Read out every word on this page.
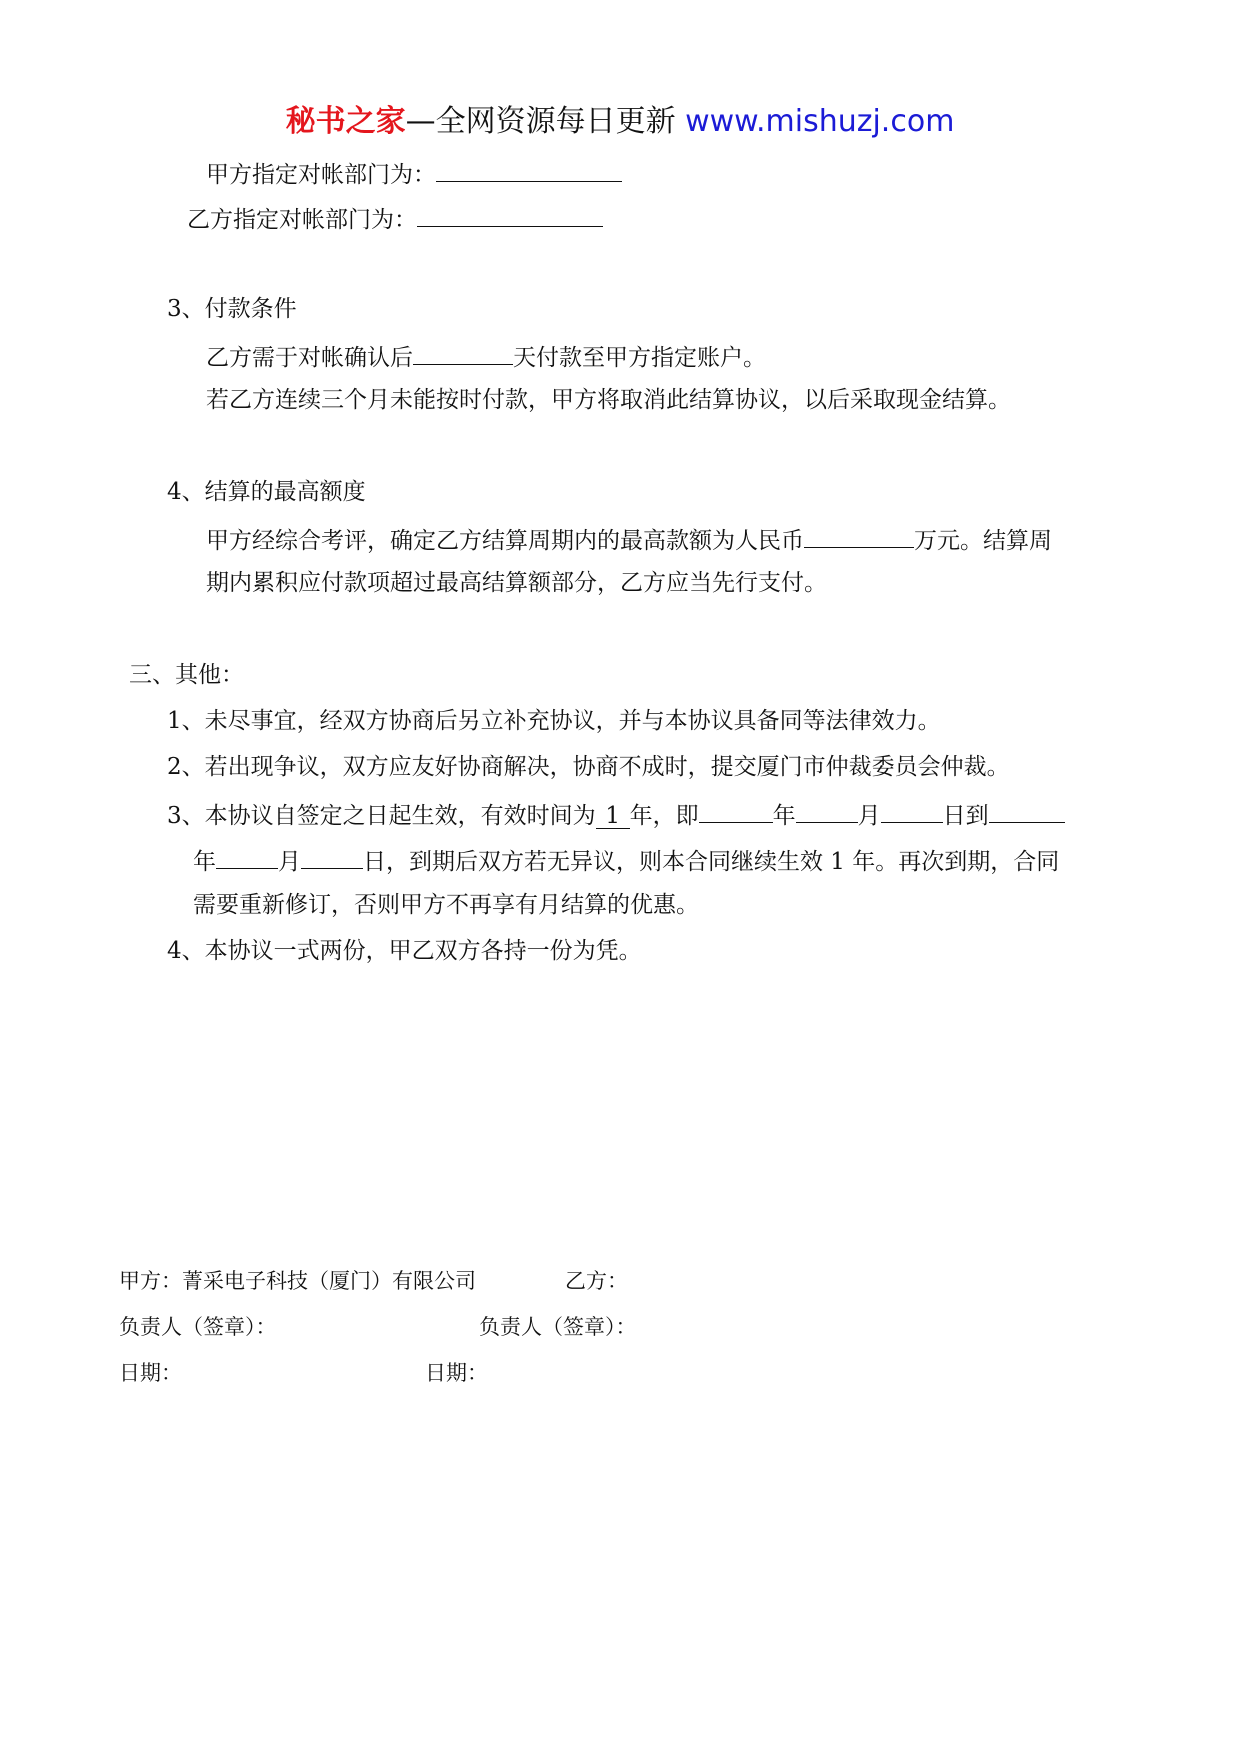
秘书之家—全网资源每日更新 www.mishuzj.com
甲方指定对帐部门为：
乙方指定对帐部门为：
3、付款条件
乙方需于对帐确认后	天付款至甲方指定账户。
若乙方连续三个月未能按时付款，甲方将取消此结算协议，以后采取现金结算。
4、结算的最高额度
甲方经综合考评，确定乙方结算周期内的最高款额为人民币	万元。结算周
期内累积应付款项超过最高结算额部分，乙方应当先行支付。
三、其他：
1、未尽事宜，经双方协商后另立补充协议，并与本协议具备同等法律效力。
2、若出现争议，双方应友好协商解决，协商不成时，提交厦门市仲裁委员会仲裁。
3、本协议自签定之日起生效，有效时间为 1 年，即	年	月	日到
年	月	日，到期后双方若无异议，则本合同继续生效 1 年。再次到期，合同
需要重新修订，否则甲方不再享有月结算的优惠。
4、本协议一式两份，甲乙双方各持一份为凭。
甲方：菁采电子科技（厦门）有限公司	乙方：
负责人（签章）：	负责人（签章）：
日期：	日期：
